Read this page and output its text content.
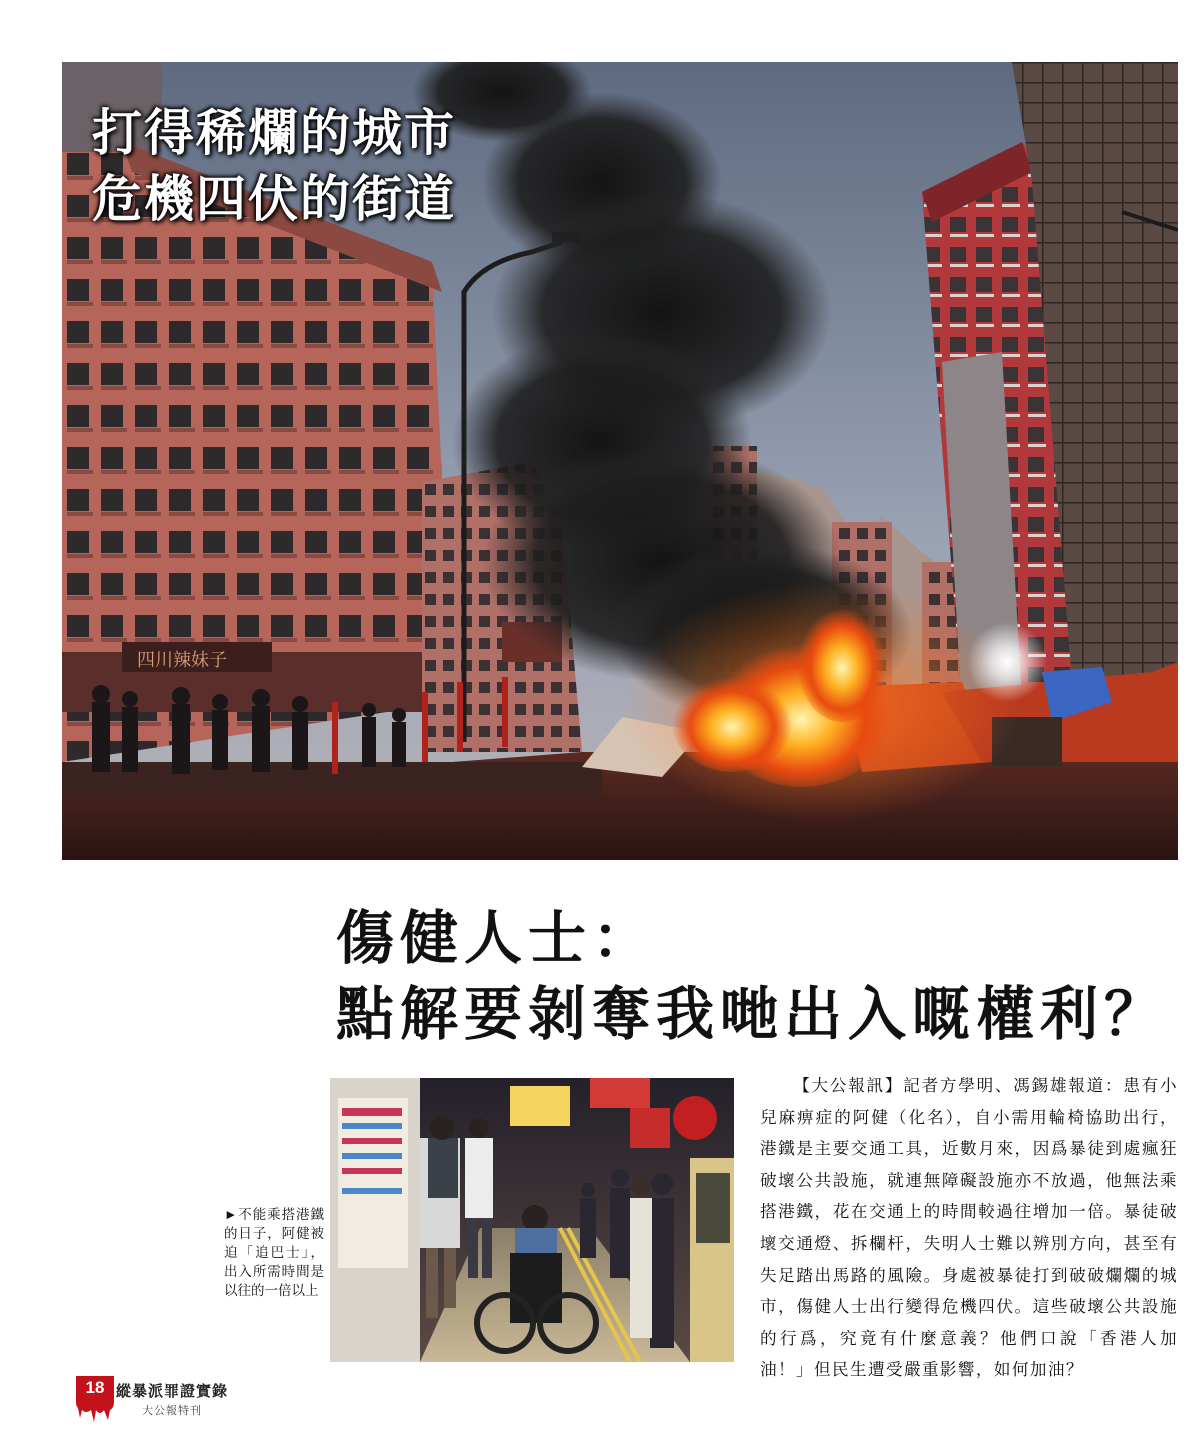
四川辣妹子
打得稀爛的城市
危機四伏的街道
傷健人士：
點解要剝奪我哋出入嘅權利？
►不能乘搭港鐵的日子，阿健被迫「追巴士」，出入所需時間是以往的一倍以上

【大公報訊】記者方學明、馮錫雄報道：患有小兒麻痹症的阿健（化名），自小需用輪椅協助出行，港鐵是主要交通工具，近數月來，因爲暴徒到處瘋狂破壞公共設施，就連無障礙設施亦不放過，他無法乘搭港鐵，花在交通上的時間較過往增加一倍。暴徒破壞交通燈、拆欄杆，失明人士難以辨別方向，甚至有失足踏出馬路的風險。身處被暴徒打到破破爛爛的城市，傷健人士出行變得危機四伏。這些破壞公共設施的行爲，究竟有什麼意義？他們口說「香港人加油！」但民生遭受嚴重影響，如何加油？

18 縱暴派罪證實錄
大公報特刊
